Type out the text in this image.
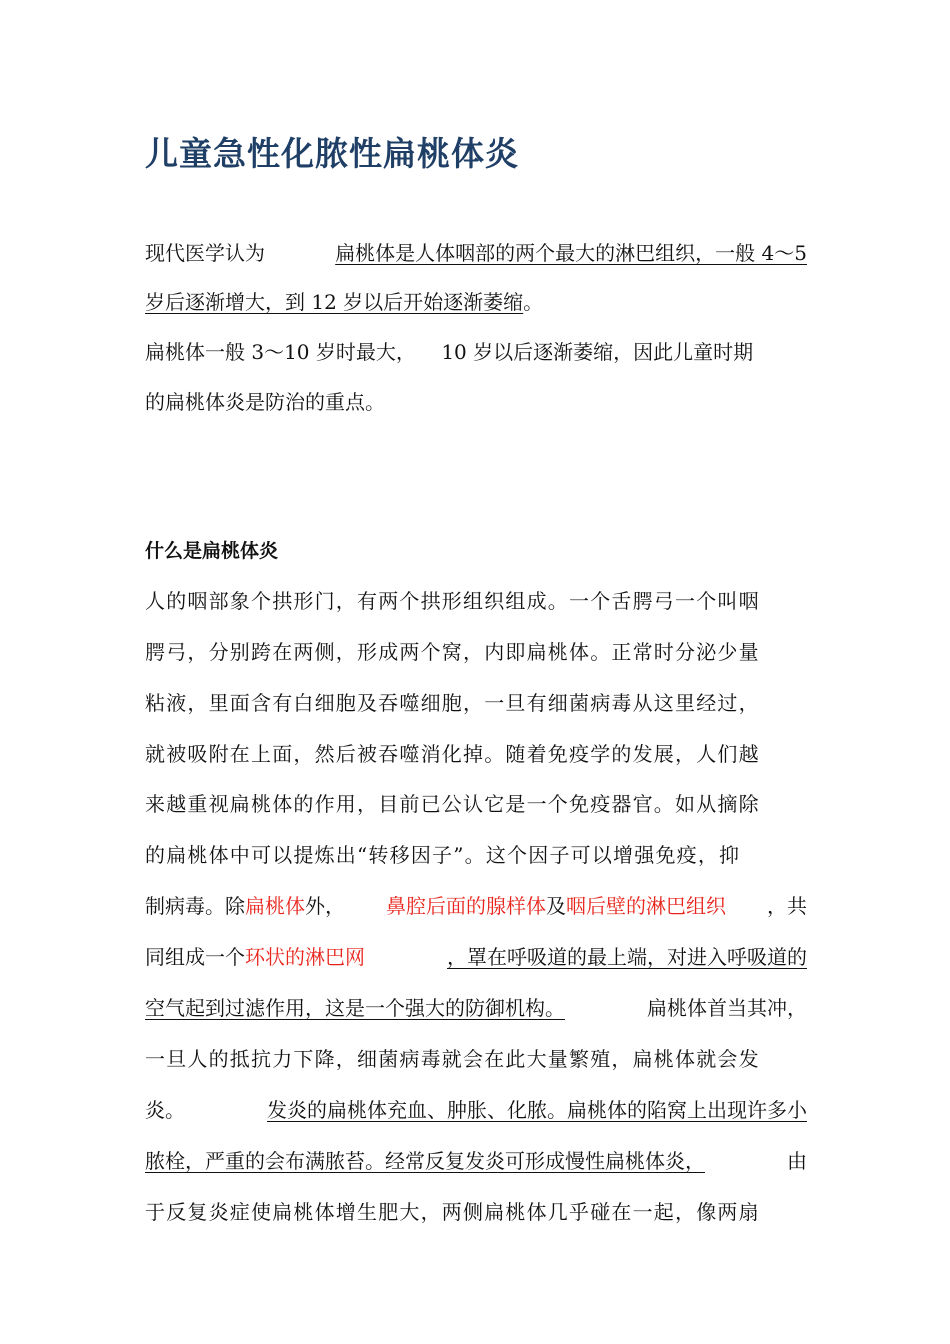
儿童急性化脓性扁桃体炎
现代医学认为	扁桃体是人体咽部的两个最大的淋巴组织，一般 4～5
岁后逐渐增大，到 12 岁以后开始逐渐萎缩。
扁桃体一般 3～10 岁时最大，    10 岁以后逐渐萎缩，因此儿童时期
的扁桃体炎是防治的重点。
什么是扁桃体炎
人的咽部象个拱形门，有两个拱形组织组成。一个舌腭弓一个叫咽
腭弓，分别跨在两侧，形成两个窝，内即扁桃体。正常时分泌少量
粘液，里面含有白细胞及吞噬细胞，一旦有细菌病毒从这里经过，
就被吸附在上面，然后被吞噬消化掉。随着免疫学的发展，人们越
来越重视扁桃体的作用，目前已公认它是一个免疫器官。如从摘除
的扁桃体中可以提炼出“转移因子”。这个因子可以增强免疫，抑
制病毒。除扁桃体外， 鼻腔后面的腺样体及咽后壁的淋巴组织 ，共
同组成一个环状的淋巴网	，罩在呼吸道的最上端，对进入呼吸道的
空气起到过滤作用，这是一个强大的防御机构。	扁桃体首当其冲，
一旦人的抵抗力下降，细菌病毒就会在此大量繁殖，扁桃体就会发
炎。	发炎的扁桃体充血、肿胀、化脓。扁桃体的陷窝上出现许多小
脓栓，严重的会布满脓苔。经常反复发炎可形成慢性扁桃体炎，	由
于反复炎症使扁桃体增生肥大，两侧扁桃体几乎碰在一起，像两扇
